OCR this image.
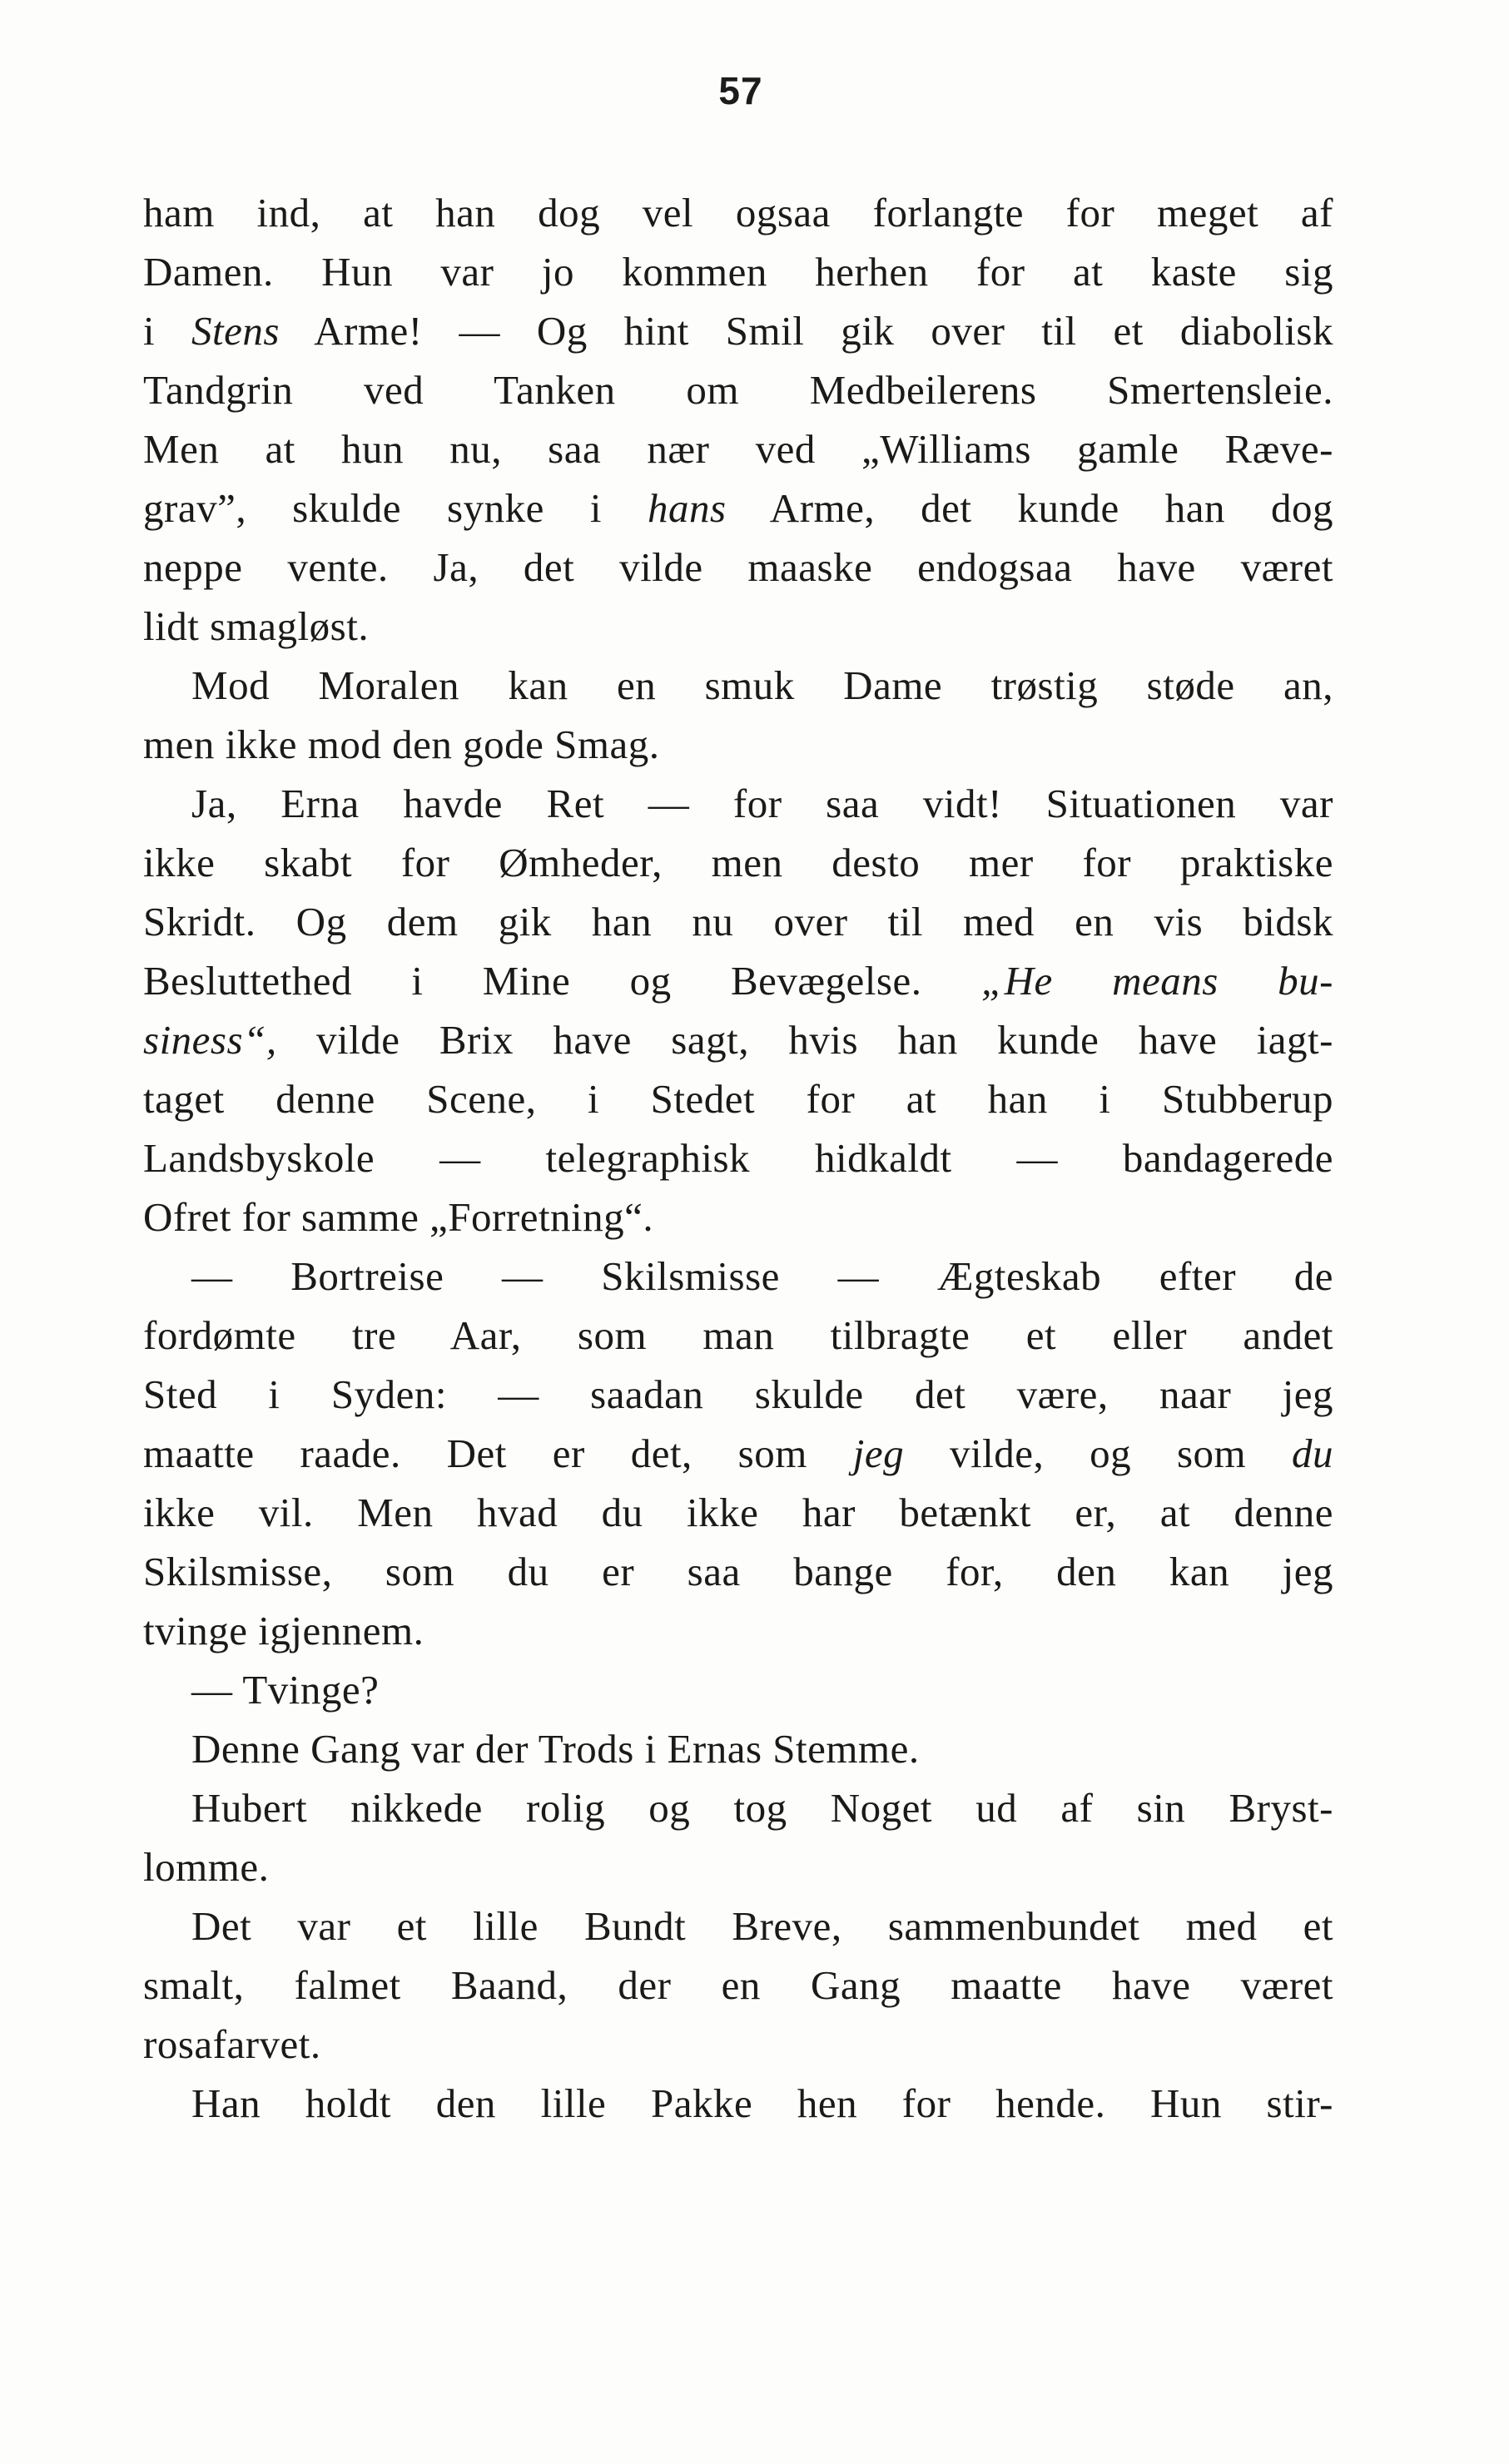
57
ham ind, at han dog vel ogsaa forlangte for meget af
Damen. Hun var jo kommen herhen for at kaste sig
i Stens Arme! — Og hint Smil gik over til et diabolisk
Tandgrin ved Tanken om Medbeilerens Smertensleie.
Men at hun nu, saa nær ved „Williams gamle Ræve-
grav”, skulde synke i hans Arme, det kunde han dog
neppe vente. Ja, det vilde maaske endogsaa have været
lidt smagløst.
Mod Moralen kan en smuk Dame trøstig støde an,
men ikke mod den gode Smag.
Ja, Erna havde Ret — for saa vidt! Situationen var
ikke skabt for Ømheder, men desto mer for praktiske
Skridt. Og dem gik han nu over til med en vis bidsk
Besluttethed i Mine og Bevægelse. „He means bu-
siness“, vilde Brix have sagt, hvis han kunde have iagt-
taget denne Scene, i Stedet for at han i Stubberup
Landsbyskole — telegraphisk hidkaldt — bandagerede
Ofret for samme „Forretning“.
— Bortreise — Skilsmisse — Ægteskab efter de
fordømte tre Aar, som man tilbragte et eller andet
Sted i Syden: — saadan skulde det være, naar jeg
maatte raade. Det er det, som jeg vilde, og som du
ikke vil. Men hvad du ikke har betænkt er, at denne
Skilsmisse, som du er saa bange for, den kan jeg
tvinge igjennem.
— Tvinge?
Denne Gang var der Trods i Ernas Stemme.
Hubert nikkede rolig og tog Noget ud af sin Bryst-
lomme.
Det var et lille Bundt Breve, sammenbundet med et
smalt, falmet Baand, der en Gang maatte have været
rosafarvet.
Han holdt den lille Pakke hen for hende. Hun stir-
